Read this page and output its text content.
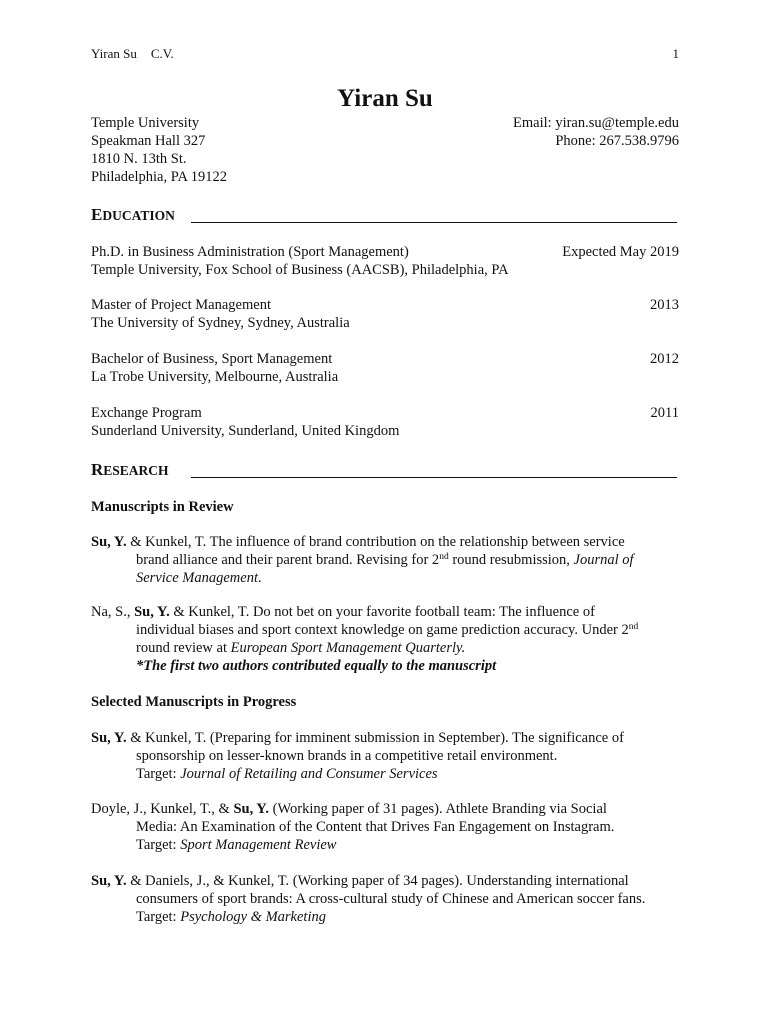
Yiran Su C.V.	1
Yiran Su
Temple University
Speakman Hall 327
1810 N. 13th St.
Philadelphia, PA 19122
Email: yiran.su@temple.edu
Phone: 267.538.9796
EDUCATION
Ph.D. in Business Administration (Sport Management)
Temple University, Fox School of Business (AACSB), Philadelphia, PA
Expected May 2019
Master of Project Management
The University of Sydney, Sydney, Australia
2013
Bachelor of Business, Sport Management
La Trobe University, Melbourne, Australia
2012
Exchange Program
Sunderland University, Sunderland, United Kingdom
2011
RESEARCH
Manuscripts in Review
Su, Y. & Kunkel, T. The influence of brand contribution on the relationship between service
brand alliance and their parent brand. Revising for 2nd round resubmission, Journal of
Service Management.
Na, S., Su, Y. & Kunkel, T. Do not bet on your favorite football team: The influence of
individual biases and sport context knowledge on game prediction accuracy. Under 2nd
round review at European Sport Management Quarterly.
*The first two authors contributed equally to the manuscript
Selected Manuscripts in Progress
Su, Y. & Kunkel, T. (Preparing for imminent submission in September). The significance of
sponsorship on lesser-known brands in a competitive retail environment.
Target: Journal of Retailing and Consumer Services
Doyle, J., Kunkel, T., & Su, Y. (Working paper of 31 pages). Athlete Branding via Social
Media: An Examination of the Content that Drives Fan Engagement on Instagram.
Target: Sport Management Review
Su, Y. & Daniels, J., & Kunkel, T. (Working paper of 34 pages). Understanding international
consumers of sport brands: A cross-cultural study of Chinese and American soccer fans.
Target: Psychology & Marketing
